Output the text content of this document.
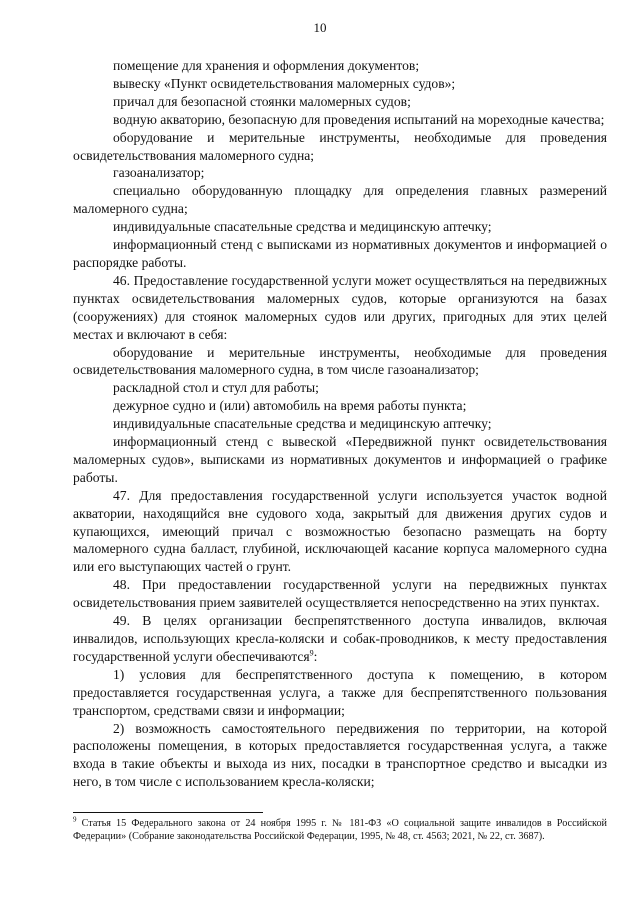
10

помещение для хранения и оформления документов;

вывеску «Пункт освидетельствования маломерных судов»;

причал для безопасной стоянки маломерных судов;

водную акваторию, безопасную для проведения испытаний на мореходные качества;

оборудование и мерительные инструменты, необходимые для проведения освидетельствования маломерного судна;

газоанализатор;

специально оборудованную площадку для определения главных размерений маломерного судна;

индивидуальные спасательные средства и медицинскую аптечку;

информационный стенд с выписками из нормативных документов и информацией о распорядке работы.

46. Предоставление государственной услуги может осуществляться на передвижных пунктах освидетельствования маломерных судов, которые организуются на базах (сооружениях) для стоянок маломерных судов или других, пригодных для этих целей местах и включают в себя:

оборудование и мерительные инструменты, необходимые для проведения освидетельствования маломерного судна, в том числе газоанализатор;

раскладной стол и стул для работы;

дежурное судно и (или) автомобиль на время работы пункта;

индивидуальные спасательные средства и медицинскую аптечку;

информационный стенд с вывеской «Передвижной пункт освидетельствования маломерных судов», выписками из нормативных документов и информацией о графике работы.

47. Для предоставления государственной услуги используется участок водной акватории, находящийся вне судового хода, закрытый для движения других судов и купающихся, имеющий причал с возможностью безопасно размещать на борту маломерного судна балласт, глубиной, исключающей касание корпуса маломерного судна или его выступающих частей о грунт.

48. При предоставлении государственной услуги на передвижных пунктах освидетельствования прием заявителей осуществляется непосредственно на этих пунктах.

49. В целях организации беспрепятственного доступа инвалидов, включая инвалидов, использующих кресла-коляски и собак-проводников, к месту предоставления государственной услуги обеспечиваются$^9$:

1) условия для беспрепятственного доступа к помещению, в котором предоставляется государственная услуга, а также для беспрепятственного пользования транспортом, средствами связи и информации;

2) возможность самостоятельного передвижения по территории, на которой расположены помещения, в которых предоставляется государственная услуга, а также входа в такие объекты и выхода из них, посадки в транспортное средство и высадки из него, в том числе с использованием кресла-коляски;

$^9$ Статья 15 Федерального закона от 24 ноября 1995 г. № 181-ФЗ «О социальной защите инвалидов в Российской Федерации» (Собрание законодательства Российской Федерации, 1995, № 48, ст. 4563; 2021, № 22, ст. 3687).
